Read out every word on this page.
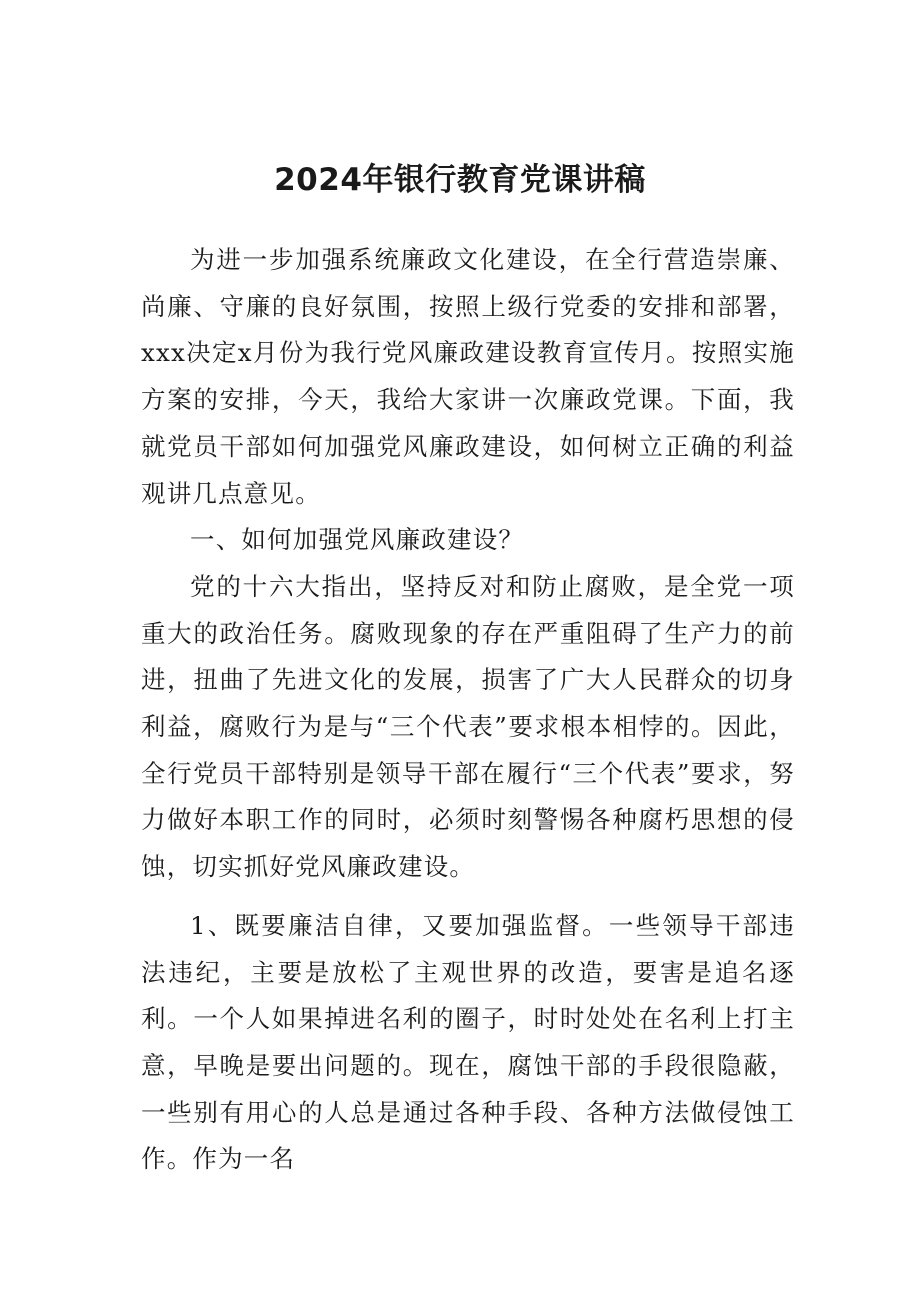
2024年银行教育党课讲稿

为进一步加强系统廉政文化建设，在全行营造崇廉、尚廉、守廉的良好氛围，按照上级行党委的安排和部署，xxx决定x月份为我行党风廉政建设教育宣传月。按照实施方案的安排，今天，我给大家讲一次廉政党课。下面，我就党员干部如何加强党风廉政建设，如何树立正确的利益观讲几点意见。

一、如何加强党风廉政建设？

党的十六大指出，坚持反对和防止腐败，是全党一项重大的政治任务。腐败现象的存在严重阻碍了生产力的前进，扭曲了先进文化的发展，损害了广大人民群众的切身利益，腐败行为是与“三个代表”要求根本相悖的。因此，全行党员干部特别是领导干部在履行“三个代表”要求，努力做好本职工作的同时，必须时刻警惕各种腐朽思想的侵蚀，切实抓好党风廉政建设。

1、既要廉洁自律，又要加强监督。一些领导干部违法违纪，主要是放松了主观世界的改造，要害是追名逐利。一个人如果掉进名利的圈子，时时处处在名利上打主意，早晚是要出问题的。现在，腐蚀干部的手段很隐蔽，一些别有用心的人总是通过各种手段、各种方法做侵蚀工作。作为一名
